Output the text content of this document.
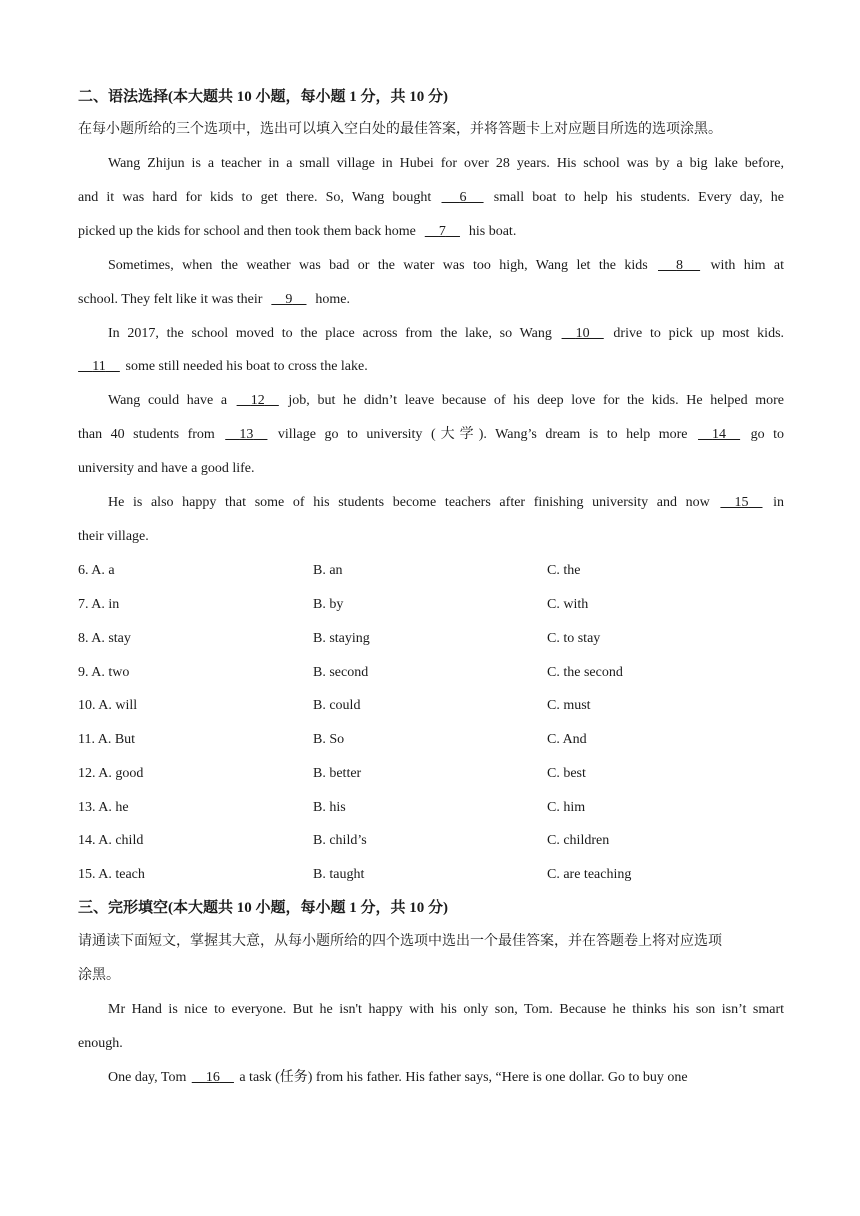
二、语法选择(本大题共 10 小题，每小题 1 分，共 10 分)
在每小题所给的三个选项中，选出可以填入空白处的最佳答案，并将答题卡上对应题目所选的选项涂黑。
Wang Zhijun is a teacher in a small village in Hubei for over 28 years. His school was by a big lake before,
and it was hard for kids to get there. So, Wang bought 6 small boat to help his students. Every day, he
picked up the kids for school and then took them back home 7 his boat.
Sometimes, when the weather was bad or the water was too high, Wang let the kids 8 with him at
school. They felt like it was their 9 home.
In 2017, the school moved to the place across from the lake, so Wang 10 drive to pick up most kids.
11 some still needed his boat to cross the lake.
Wang could have a 12 job, but he didn’t leave because of his deep love for the kids. He helped more
than 40 students from 13 village go to university (大学). Wang’s dream is to help more 14 go to
university and have a good life.
He is also happy that some of his students become teachers after finishing university and now 15 in
their village.
6. A. a	B. an	C. the
7. A. in	B. by	C. with
8. A. stay	B. staying	C. to stay
9. A. two	B. second	C. the second
10. A. will	B. could	C. must
11. A. But	B. So	C. And
12. A. good	B. better	C. best
13. A. he	B. his	C. him
14. A. child	B. child’s	C. children
15. A. teach	B. taught	C. are teaching
三、完形填空(本大题共 10 小题，每小题 1 分，共 10 分)
请通读下面短文，掌握其大意，从每小题所给的四个选项中选出一个最佳答案，并在答题卷上将对应选项
涂黑。
Mr Hand is nice to everyone. But he isn't happy with his only son, Tom. Because he thinks his son isn’t smart
enough.
One day, Tom 16 a task (任务) from his father. His father says, “Here is one dollar. Go to buy one
